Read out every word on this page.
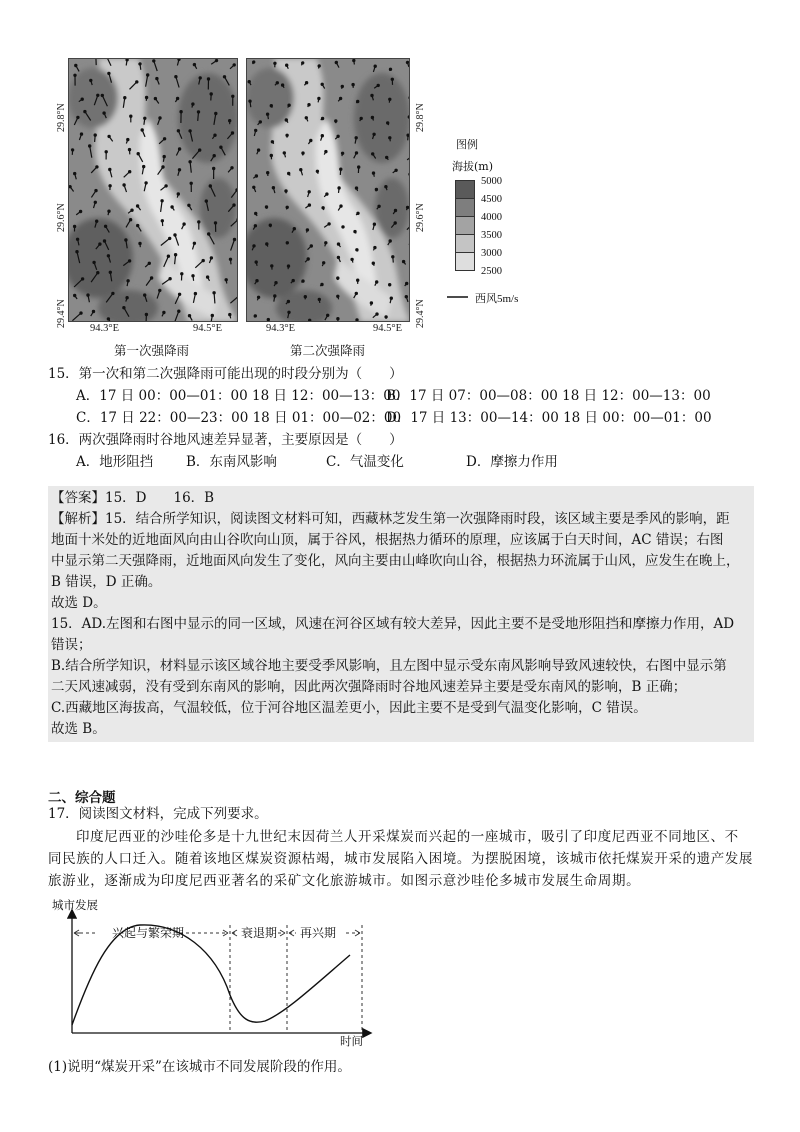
29.8°N
29.6°N
29.4°N
29.8°N
29.6°N
29.4°N
94.3°E	94.5°E	94.3°E	94.5°E
第一次强降雨	第二次强降雨
图例
海拔(m)
5000
4500
4000
3500
3000
2500
西风5m/s
15．第一次和第二次强降雨可能出现的时段分别为（　　）
A．17 日 00：00—01：00 18 日 12：00—13：00
B．17 日 07：00—08：00 18 日 12：00—13：00
C．17 日 22：00—23：00 18 日 01：00—02：00
D．17 日 13：00—14：00 18 日 00：00—01：00
16．两次强降雨时谷地风速差异显著，主要原因是（　　）
A．地形阻挡 B．东南风影响	C．气温变化	D．摩擦力作用
【答案】15．D　　16．B
【解析】15．结合所学知识，阅读图文材料可知，西藏林芝发生第一次强降雨时段，该区域主要是季风的影响，距
地面十米处的近地面风向由山谷吹向山顶，属于谷风，根据热力循环的原理，应该属于白天时间，AC 错误；右图
中显示第二天强降雨，近地面风向发生了变化，风向主要由山峰吹向山谷，根据热力环流属于山风，应发生在晚上，
B 错误，D 正确。
故选 D。
15．AD.左图和右图中显示的同一区域，风速在河谷区域有较大差异，因此主要不是受地形阻挡和摩擦力作用，AD
错误；
B.结合所学知识，材料显示该区域谷地主要受季风影响，且左图中显示受东南风影响导致风速较快，右图中显示第
二天风速减弱，没有受到东南风的影响，因此两次强降雨时谷地风速差异主要是受东南风的影响，B 正确；
C.西藏地区海拔高，气温较低，位于河谷地区温差更小，因此主要不是受到气温变化影响，C 错误。
故选 B。
二、综合题
17．阅读图文材料，完成下列要求。
印度尼西亚的沙哇伦多是十九世纪末因荷兰人开采煤炭而兴起的一座城市，吸引了印度尼西亚不同地区、不
同民族的人口迁入。随着该地区煤炭资源枯竭，城市发展陷入困境。为摆脱困境，该城市依托煤炭开采的遗产发展
旅游业，逐渐成为印度尼西亚著名的采矿文化旅游城市。如图示意沙哇伦多城市发展生命周期。
城市发展
时间
兴起与繁荣期	衰退期 再兴期
(1)说明“煤炭开采”在该城市不同发展阶段的作用。
